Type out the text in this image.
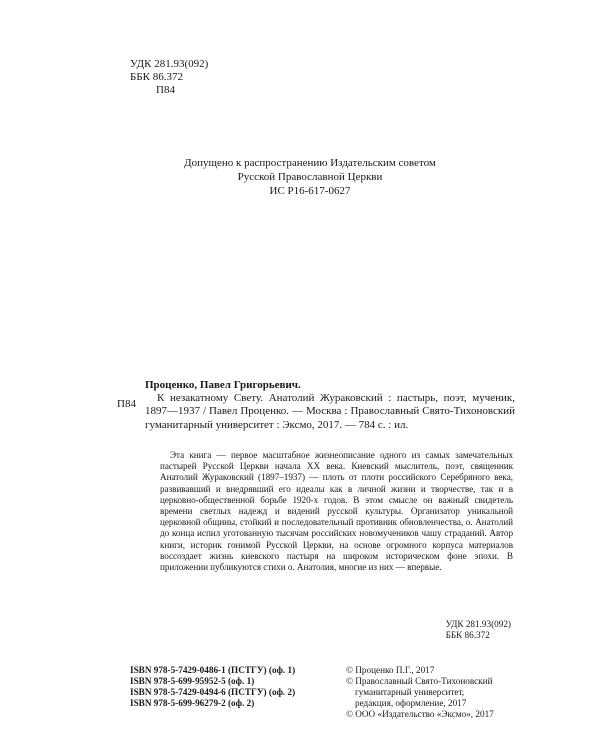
УДК 281.93(092)
ББК 86.372
П84
Допущено к распространению Издательским советом
Русской Православной Церкви
ИС Р16-617-0627
П84
Проценко, Павел Григорьевич.
К незакатному Свету. Анатолий Жураковский : пастырь, поэт, мученик, 1897—1937 / Павел Проценко. — Москва : Православный Свято-Тихоновский гуманитарный университет : Эксмо, 2017. — 784 с. : ил.
Эта книга — первое масштабное жизнеописание одного из самых замечательных пастырей Русской Церкви начала XX века. Киевский мыслитель, поэт, священник Анатолий Жураковский (1897–1937) — плоть от плоти российского Серебряного века, развивавший и внедрявший его идеалы как в личной жизни и творчестве, так и в церковно-общественной борьбе 1920-х годов. В этом смысле он важный свидетель времени светлых надежд и видений русской культуры. Организатор уникальной церковной общины, стойкий и последовательный противник обновленчества, о. Анатолий до конца испил уготованную тысячам российских новомучеников чашу страданий. Автор книги, историк гонимой Русской Церкви, на основе огромного корпуса материалов воссоздает жизнь киевского пастыря на широком историческом фоне эпохи. В приложении публикуются стихи о. Анатолия, многие из них — впервые.
УДК 281.93(092)
ББК 86.372
ISBN 978-5-7429-0486-1 (ПСТГУ) (оф. 1)
ISBN 978-5-699-95952-5 (оф. 1)
ISBN 978-5-7429-0494-6 (ПСТГУ) (оф. 2)
ISBN 978-5-699-96279-2 (оф. 2)
© Проценко П.Г., 2017
© Православный Свято-Тихоновский
гуманитарный университет,
редакция, оформление, 2017
© ООО «Издательство «Эксмо», 2017
